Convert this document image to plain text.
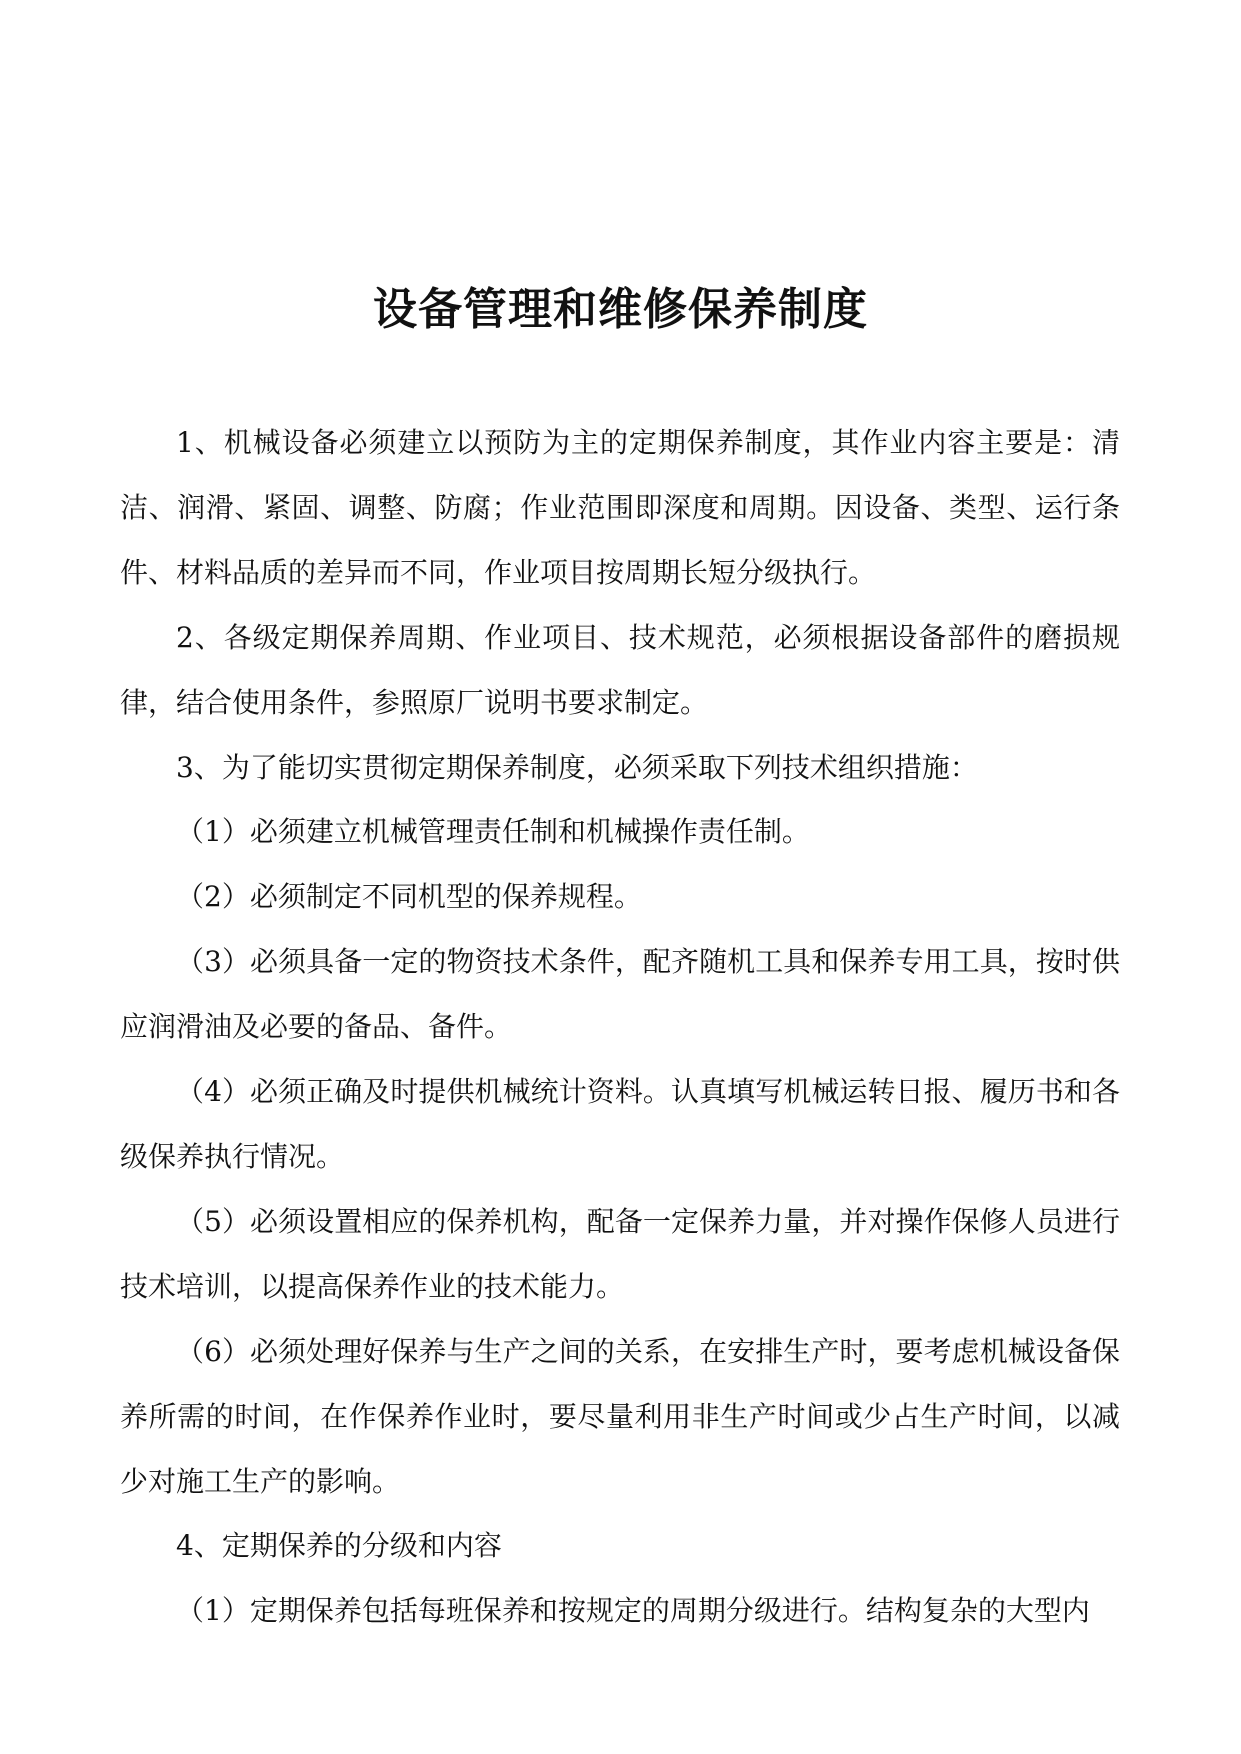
设备管理和维修保养制度

1、机械设备必须建立以预防为主的定期保养制度，其作业内容主要是：清洁、润滑、紧固、调整、防腐；作业范围即深度和周期。因设备、类型、运行条件、材料品质的差异而不同，作业项目按周期长短分级执行。

2、各级定期保养周期、作业项目、技术规范，必须根据设备部件的磨损规律，结合使用条件，参照原厂说明书要求制定。

3、为了能切实贯彻定期保养制度，必须采取下列技术组织措施：

（1）必须建立机械管理责任制和机械操作责任制。

（2）必须制定不同机型的保养规程。

（3）必须具备一定的物资技术条件，配齐随机工具和保养专用工具，按时供应润滑油及必要的备品、备件。

（4）必须正确及时提供机械统计资料。认真填写机械运转日报、履历书和各级保养执行情况。

（5）必须设置相应的保养机构，配备一定保养力量，并对操作保修人员进行技术培训，以提高保养作业的技术能力。

（6）必须处理好保养与生产之间的关系，在安排生产时，要考虑机械设备保养所需的时间，在作保养作业时，要尽量利用非生产时间或少占生产时间，以减少对施工生产的影响。

4、定期保养的分级和内容

（1）定期保养包括每班保养和按规定的周期分级进行。结构复杂的大型内
